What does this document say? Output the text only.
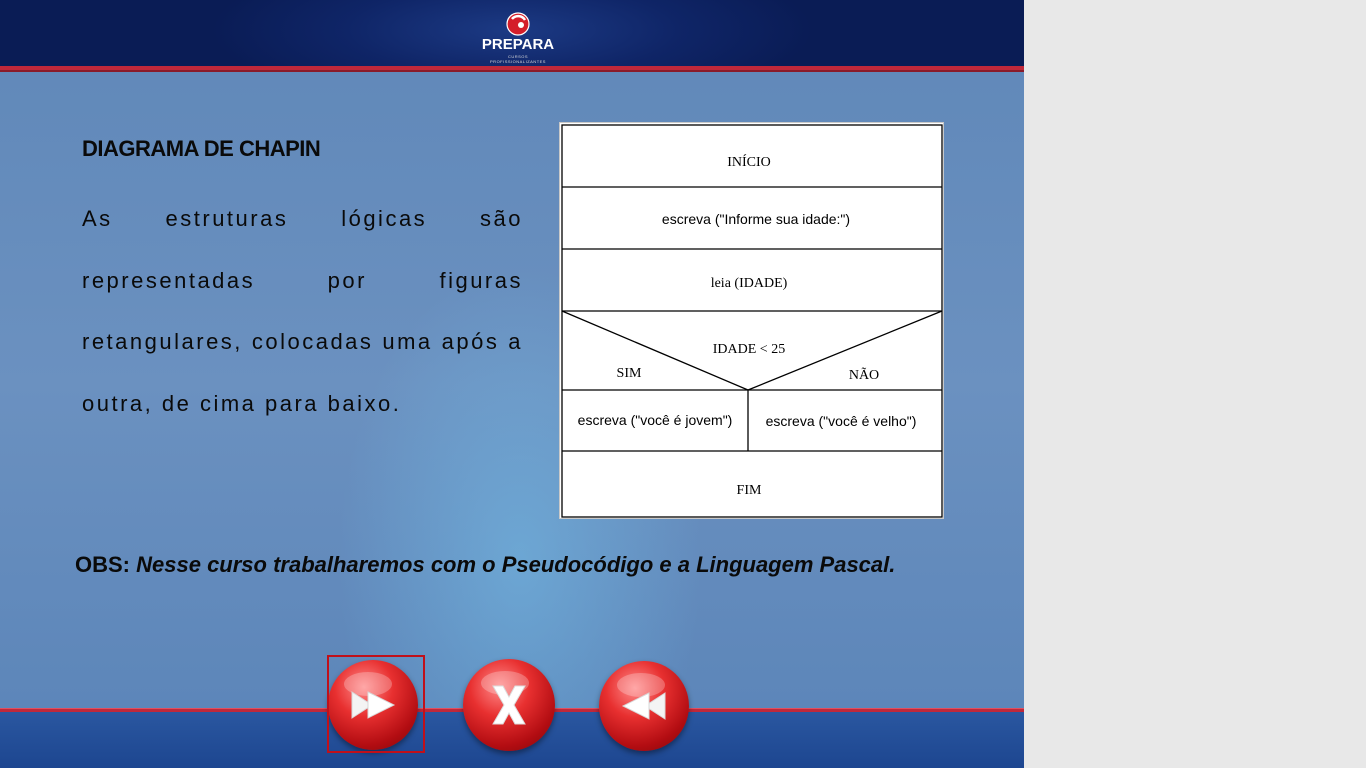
PREPARA
CURSOS PROFISSIONALIZANTES
DIAGRAMA DE CHAPIN
As estruturas lógicas são representadas por figuras retangulares, colocadas uma após a outra, de cima para baixo.
INÍCIO
escreva ("Informe sua idade:")
leia (IDADE)
IDADE < 25
SIM	NÃO
escreva ("você é jovem") escreva ("você é velho")
FIM
OBS: Nesse curso trabalharemos com o Pseudocódigo e a Linguagem Pascal.
